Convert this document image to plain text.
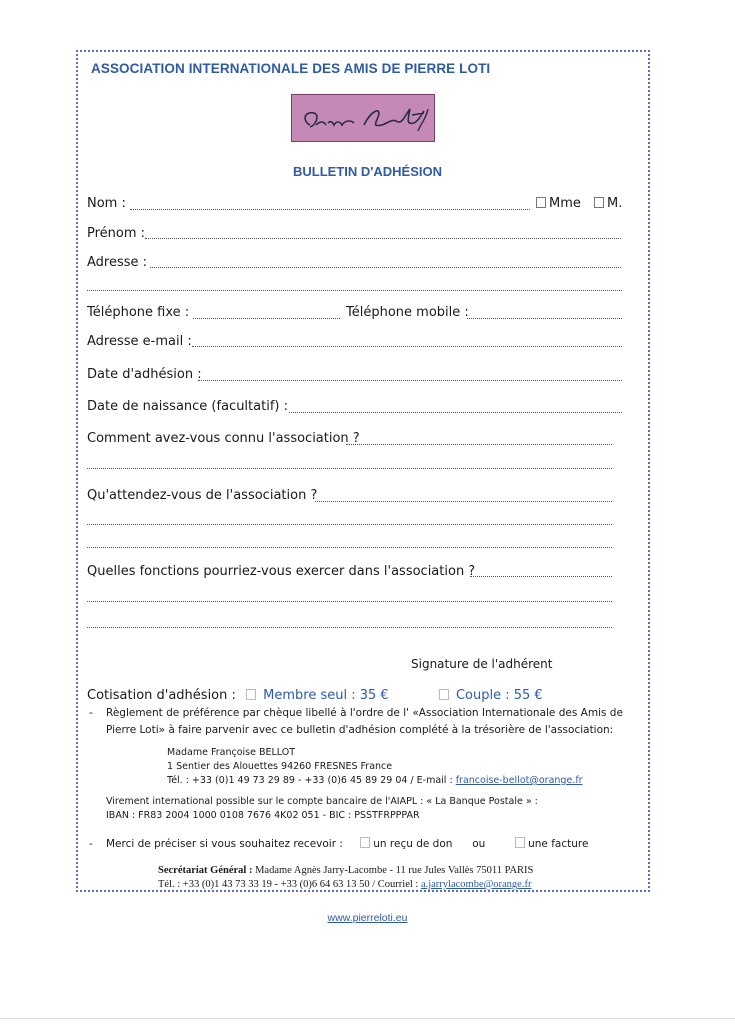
ASSOCIATION INTERNATIONALE DES AMIS DE PIERRE LOTI
BULLETIN D'ADHÉSION
Nom :	Mme	M.
Prénom :
Adresse :
Téléphone fixe :	Téléphone mobile :
Adresse e-mail :
Date d'adhésion :
Date de naissance (facultatif) :
Comment avez-vous connu l'association ?
Qu'attendez-vous de l'association ?
Quelles fonctions pourriez-vous exercer dans l'association ?
Signature de l'adhérent
Cotisation d'adhésion : Membre seul : 35 €	Couple : 55 €
- Règlement de préférence par chèque libellé à l'ordre de l' «Association Internationale des Amis de
Pierre Loti» à faire parvenir avec ce bulletin d'adhésion complété à la trésorière de l'association:
Madame Françoise BELLOT
1 Sentier des Alouettes 94260 FRESNES France
Tél. : +33 (0)1 49 73 29 89 - +33 (0)6 45 89 29 04 / E-mail : francoise-bellot@orange.fr
Virement international possible sur le compte bancaire de l'AIAPL : « La Banque Postale » :
IBAN : FR83 2004 1000 0108 7676 4K02 051 - BIC : PSSTFRPPPAR
- Merci de préciser si vous souhaitez recevoir :	un reçu de don ou	une facture
Secrétariat Général : Madame Agnès Jarry-Lacombe - 11 rue Jules Vallès 75011 PARIS
Tél. : +33 (0)1 43 73 33 19 - +33 (0)6 64 63 13 50 / Courriel : a.jarrylacombe@orange.fr
www.pierreloti.eu
